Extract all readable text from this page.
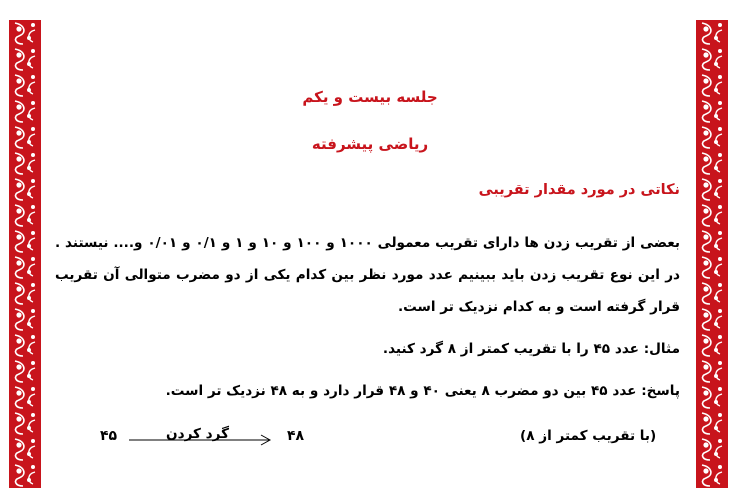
جلسه بیست و یکم
ریاضی پیشرفته
نکاتی در مورد مقدار تقریبی
بعضی از تقریب زدن ها دارای تقریب معمولی ۱۰۰۰ و ۱۰۰ و ۱۰ و ۱ و ۰/۱ و ۰/۰۱ و.... نیستند . در این نوع تقریب زدن باید ببینیم عدد مورد نظر بین کدام یکی از دو مضرب متوالی آن تقریب قرار گرفته است و به کدام نزدیک تر است.
مثال: عدد ۴۵ را با تقریب کمتر از ۸ گرد کنید.
پاسخ: عدد ۴۵ بین دو مضرب ۸ یعنی ۴۰ و ۴۸ قرار دارد و به ۴۸ نزدیک تر است.
۴۵	گرد کردن	۴۸	(با تقریب کمتر از ۸)
